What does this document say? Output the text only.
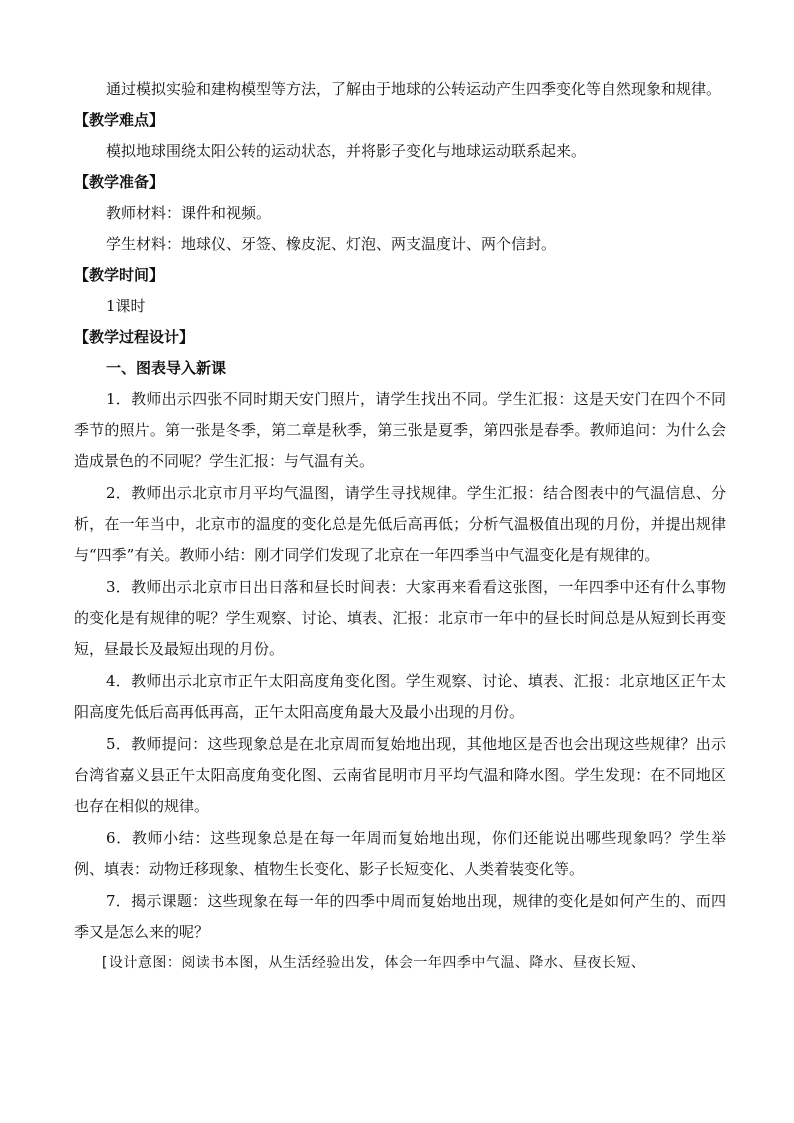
通过模拟实验和建构模型等方法，了解由于地球的公转运动产生四季变化等自然现象和规律。

【教学难点】

模拟地球围绕太阳公转的运动状态，并将影子变化与地球运动联系起来。

【教学准备】

教师材料：课件和视频。

学生材料：地球仪、牙签、橡皮泥、灯泡、两支温度计、两个信封。

【教学时间】

1课时

【教学过程设计】

一、图表导入新课

1．教师出示四张不同时期天安门照片，请学生找出不同。学生汇报：这是天安门在四个不同季节的照片。第一张是冬季，第二章是秋季，第三张是夏季，第四张是春季。教师追问：为什么会造成景色的不同呢？学生汇报：与气温有关。

2．教师出示北京市月平均气温图，请学生寻找规律。学生汇报：结合图表中的气温信息、分析，在一年当中，北京市的温度的变化总是先低后高再低；分析气温极值出现的月份，并提出规律与“四季”有关。教师小结：刚才同学们发现了北京在一年四季当中气温变化是有规律的。

3．教师出示北京市日出日落和昼长时间表：大家再来看看这张图，一年四季中还有什么事物的变化是有规律的呢？学生观察、讨论、填表、汇报：北京市一年中的昼长时间总是从短到长再变短，昼最长及最短出现的月份。

4．教师出示北京市正午太阳高度角变化图。学生观察、讨论、填表、汇报：北京地区正午太阳高度先低后高再低再高，正午太阳高度角最大及最小出现的月份。

5．教师提问：这些现象总是在北京周而复始地出现，其他地区是否也会出现这些规律？出示台湾省嘉义县正午太阳高度角变化图、云南省昆明市月平均气温和降水图。学生发现：在不同地区也存在相似的规律。

6．教师小结：这些现象总是在每一年周而复始地出现，你们还能说出哪些现象吗？学生举例、填表：动物迁移现象、植物生长变化、影子长短变化、人类着装变化等。

7．揭示课题：这些现象在每一年的四季中周而复始地出现，规律的变化是如何产生的、而四季又是怎么来的呢？

[设计意图：阅读书本图，从生活经验出发，体会一年四季中气温、降水、昼夜长短、
